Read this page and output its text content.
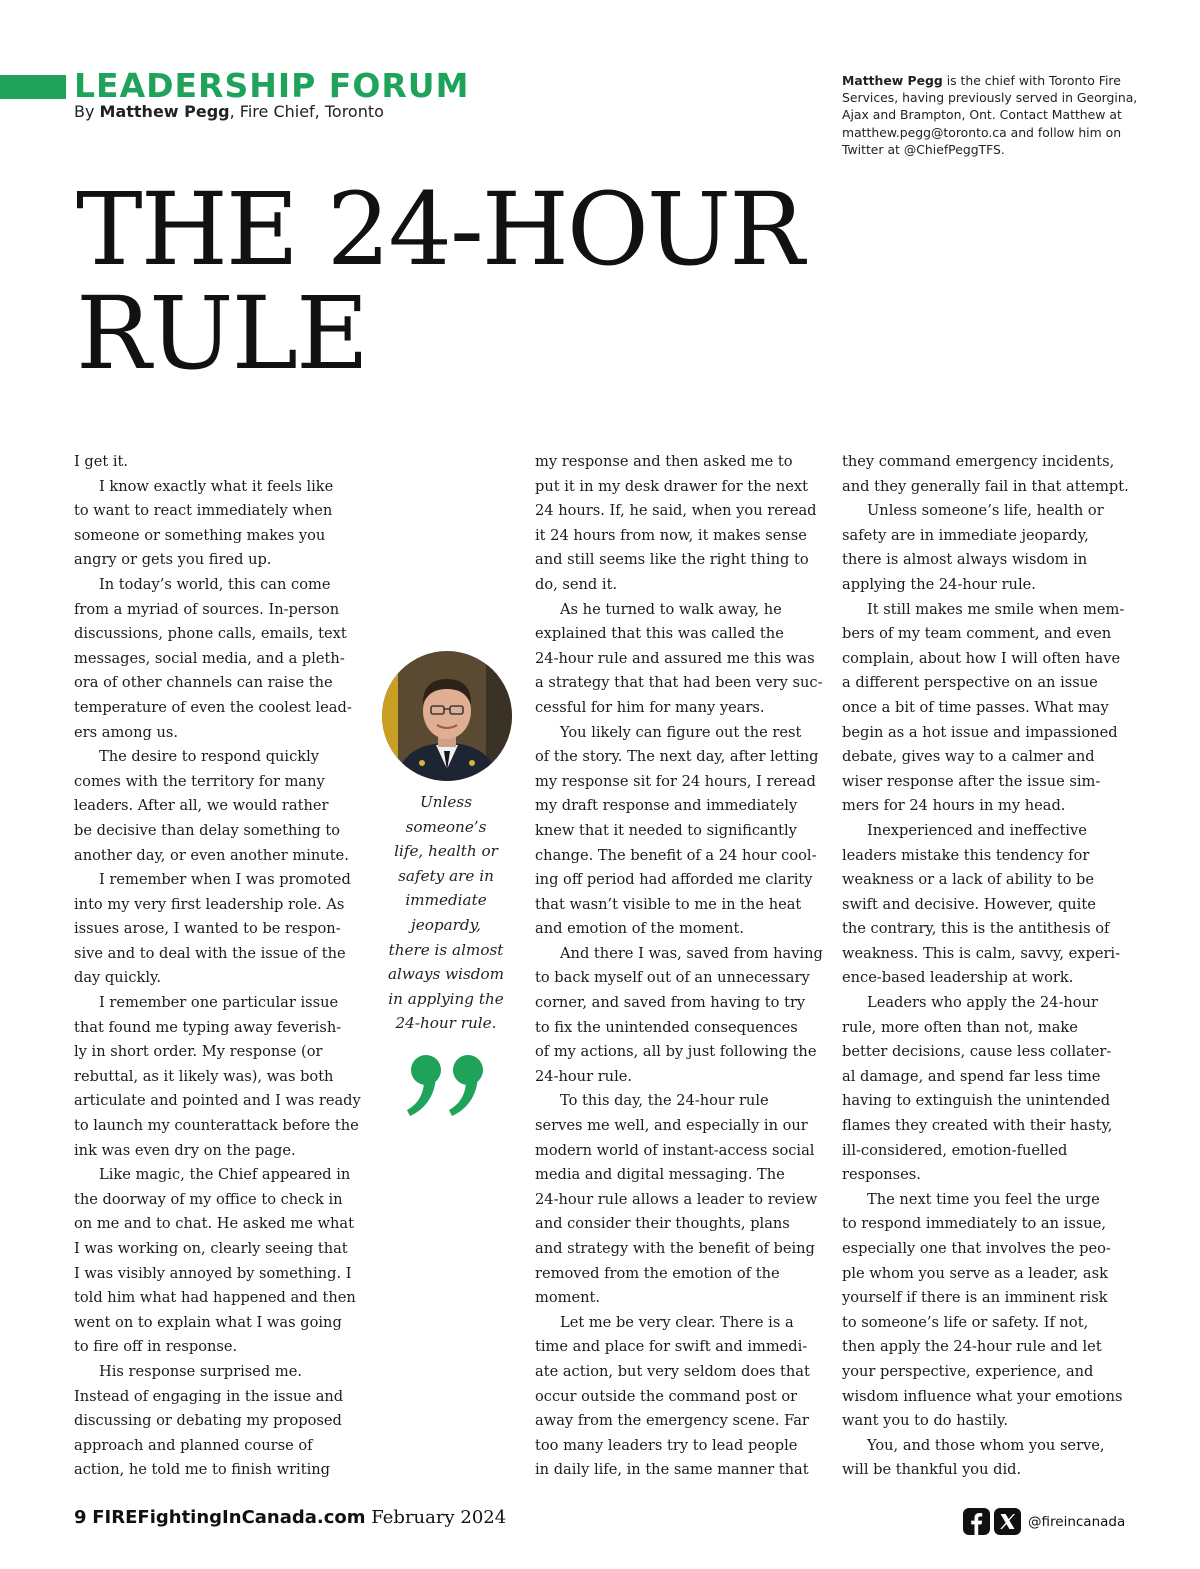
LEADERSHIP FORUM
By Matthew Pegg, Fire Chief, Toronto
Matthew Pegg is the chief with Toronto Fire Services, having previously served in Georgina, Ajax and Brampton, Ont. Contact Matthew at matthew.pegg@toronto.ca and follow him on Twitter at @ChiefPeggTFS.
THE 24-HOUR
RULE

I get it.

I know exactly what it feels like

to want to react immediately when

someone or something makes you

angry or gets you fired up.

In today’s world, this can come

from a myriad of sources. In-person

discussions, phone calls, emails, text

messages, social media, and a pleth-

ora of other channels can raise the

temperature of even the coolest lead-

ers among us.

The desire to respond quickly

comes with the territory for many

leaders. After all, we would rather

be decisive than delay something to

another day, or even another minute.

I remember when I was promoted

into my very first leadership role. As

issues arose, I wanted to be respon-

sive and to deal with the issue of the

day quickly.

I remember one particular issue

that found me typing away feverish-

ly in short order. My response (or

rebuttal, as it likely was), was both

articulate and pointed and I was ready

to launch my counterattack before the

ink was even dry on the page.

Like magic, the Chief appeared in

the doorway of my office to check in

on me and to chat. He asked me what

I was working on, clearly seeing that

I was visibly annoyed by something. I

told him what had happened and then

went on to explain what I was going

to fire off in response.

His response surprised me.

Instead of engaging in the issue and

discussing or debating my proposed

approach and planned course of

action, he told me to finish writing

my response and then asked me to

put it in my desk drawer for the next

24 hours. If, he said, when you reread

it 24 hours from now, it makes sense

and still seems like the right thing to

do, send it.

As he turned to walk away, he

explained that this was called the

24-hour rule and assured me this was

a strategy that that had been very suc-

cessful for him for many years.

You likely can figure out the rest

of the story. The next day, after letting

my response sit for 24 hours, I reread

my draft response and immediately

knew that it needed to significantly

change. The benefit of a 24 hour cool-

ing off period had afforded me clarity

that wasn’t visible to me in the heat

and emotion of the moment.

And there I was, saved from having

to back myself out of an unnecessary

corner, and saved from having to try

to fix the unintended consequences

of my actions, all by just following the

24-hour rule.

To this day, the 24-hour rule

serves me well, and especially in our

modern world of instant-access social

media and digital messaging. The

24-hour rule allows a leader to review

and consider their thoughts, plans

and strategy with the benefit of being

removed from the emotion of the

moment.

Let me be very clear. There is a

time and place for swift and immedi-

ate action, but very seldom does that

occur outside the command post or

away from the emergency scene. Far

too many leaders try to lead people

in daily life, in the same manner that

they command emergency incidents,

and they generally fail in that attempt.

Unless someone’s life, health or

safety are in immediate jeopardy,

there is almost always wisdom in

applying the 24-hour rule.

It still makes me smile when mem-

bers of my team comment, and even

complain, about how I will often have

a different perspective on an issue

once a bit of time passes. What may

begin as a hot issue and impassioned

debate, gives way to a calmer and

wiser response after the issue sim-

mers for 24 hours in my head.

Inexperienced and ineffective

leaders mistake this tendency for

weakness or a lack of ability to be

swift and decisive. However, quite

the contrary, this is the antithesis of

weakness. This is calm, savvy, experi-

ence-based leadership at work.

Leaders who apply the 24-hour

rule, more often than not, make

better decisions, cause less collater-

al damage, and spend far less time

having to extinguish the unintended

flames they created with their hasty,

ill-considered, emotion-fuelled

responses.

The next time you feel the urge

to respond immediately to an issue,

especially one that involves the peo-

ple whom you serve as a leader, ask

yourself if there is an imminent risk

to someone’s life or safety. If not,

then apply the 24-hour rule and let

your perspective, experience, and

wisdom influence what your emotions

want you to do hastily.

You, and those whom you serve,

will be thankful you did.

Unless
someone’s
life, health or
safety are in
immediate
jeopardy,
there is almost
always wisdom
in applying the
24-hour rule.

9 FIREFightingInCanada.com February 2024	@fireincanada
